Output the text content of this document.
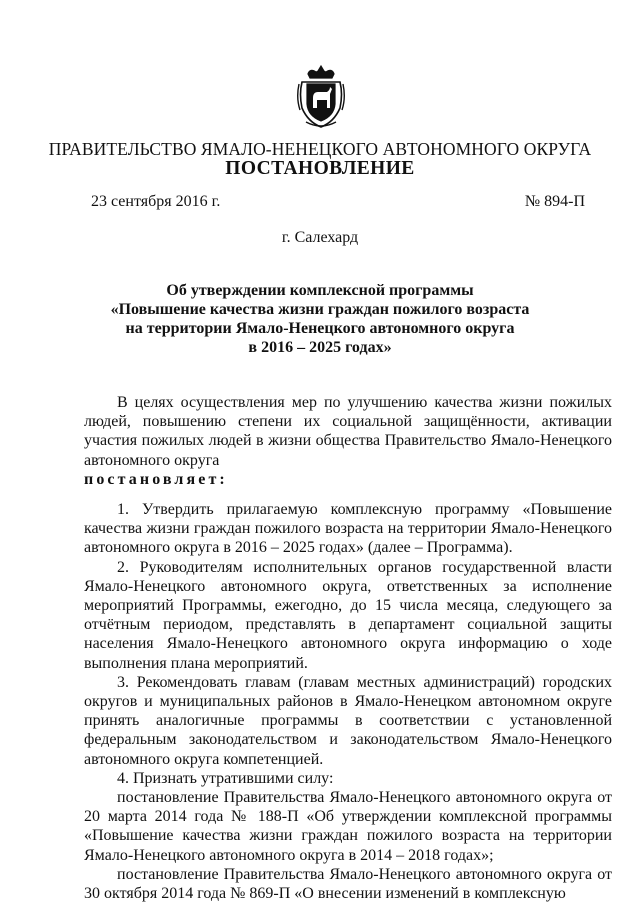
ПРАВИТЕЛЬСТВО ЯМАЛО-НЕНЕЦКОГО АВТОНОМНОГО ОКРУГА
ПОСТАНОВЛЕНИЕ
23 сентября 2016 г.	№ 894-П
г. Салехард
Об утверждении комплексной программы
«Повышение качества жизни граждан пожилого возраста
на территории Ямало-Ненецкого автономного округа
в 2016 – 2025 годах»

В целях осуществления мер по улучшению качества жизни пожилых людей, повышению степени их социальной защищённости, активации участия пожилых людей в жизни общества Правительство Ямало-Ненецкого автономного округа

постановляет:

1. Утвердить прилагаемую комплексную программу «Повышение качества жизни граждан пожилого возраста на территории Ямало-Ненецкого автономного округа в 2016 – 2025 годах» (далее – Программа).

2. Руководителям исполнительных органов государственной власти Ямало-Ненецкого автономного округа, ответственных за исполнение мероприятий Программы, ежегодно, до 15 числа месяца, следующего за отчётным периодом, представлять в департамент социальной защиты населения Ямало-Ненецкого автономного округа информацию о ходе выполнения плана мероприятий.

3. Рекомендовать главам (главам местных администраций) городских округов и муниципальных районов в Ямало-Ненецком автономном округе принять аналогичные программы в соответствии с установленной федеральным законодательством и законодательством Ямало-Ненецкого автономного округа компетенцией.

4. Признать утратившими силу:

постановление Правительства Ямало-Ненецкого автономного округа от 20 марта 2014 года № 188-П «Об утверждении комплексной программы «Повышение качества жизни граждан пожилого возраста на территории Ямало-Ненецкого автономного округа в 2014 – 2018 годах»;

постановление Правительства Ямало-Ненецкого автономного округа от 30 октября 2014 года № 869-П «О внесении изменений в комплексную
